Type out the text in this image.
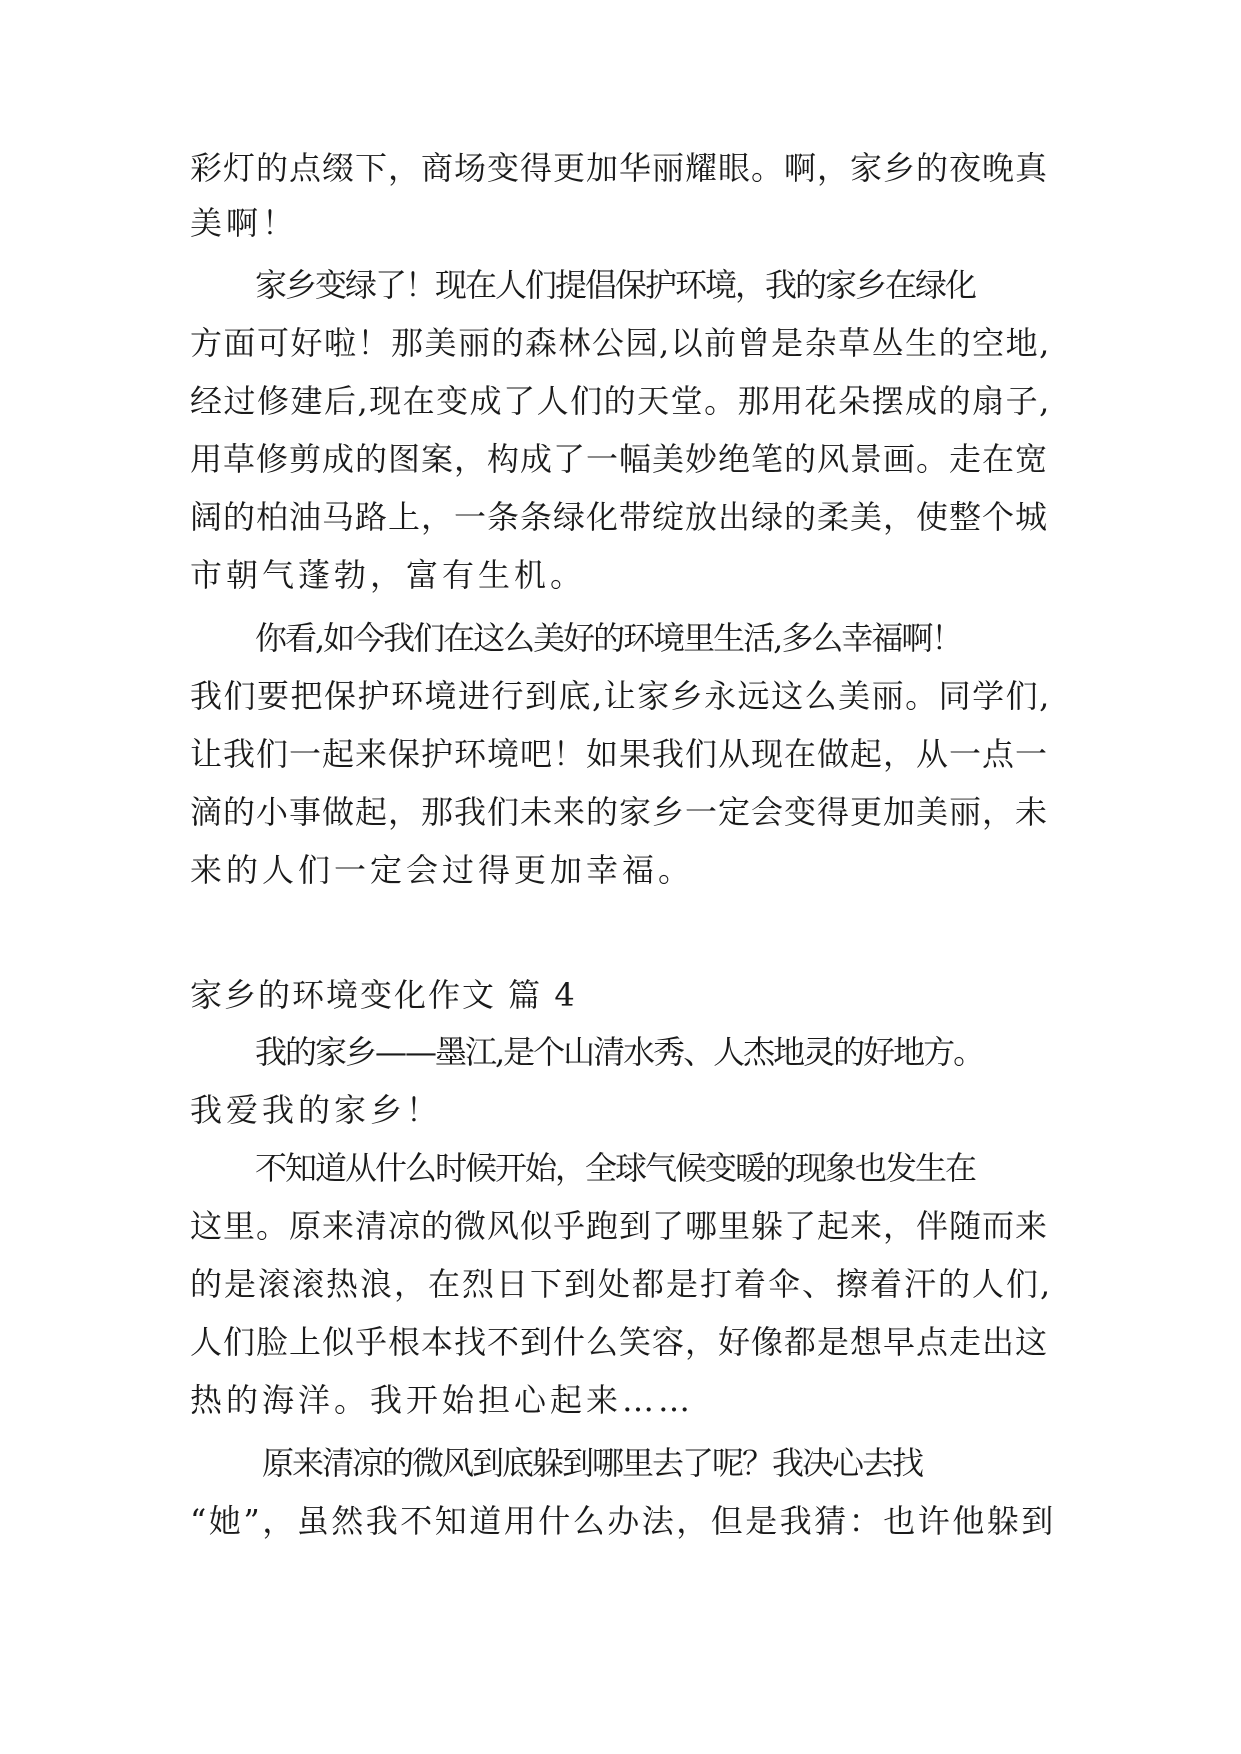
彩灯的点缀下，商场变得更加华丽耀眼。啊，家乡的夜晚真
美啊！
家乡变绿了！现在人们提倡保护环境，我的家乡在绿化
方面可好啦！那美丽的森林公园,以前曾是杂草丛生的空地,
经过修建后,现在变成了人们的天堂。那用花朵摆成的扇子,
用草修剪成的图案，构成了一幅美妙绝笔的风景画。走在宽
阔的柏油马路上，一条条绿化带绽放出绿的柔美，使整个城
市朝气蓬勃，富有生机。
你看,如今我们在这么美好的环境里生活,多么幸福啊！
我们要把保护环境进行到底,让家乡永远这么美丽。同学们,
让我们一起来保护环境吧！如果我们从现在做起，从一点一
滴的小事做起，那我们未来的家乡一定会变得更加美丽，未
来的人们一定会过得更加幸福。
家乡的环境变化作文 篇 4
我的家乡——墨江,是个山清水秀、人杰地灵的好地方。
我爱我的家乡！
不知道从什么时候开始，全球气候变暖的现象也发生在
这里。原来清凉的微风似乎跑到了哪里躲了起来，伴随而来
的是滚滚热浪，在烈日下到处都是打着伞、擦着汗的人们,
人们脸上似乎根本找不到什么笑容，好像都是想早点走出这
热的海洋。我开始担心起来……
原来清凉的微风到底躲到哪里去了呢？我决心去找
“她”，虽然我不知道用什么办法，但是我猜：也许他躲到
